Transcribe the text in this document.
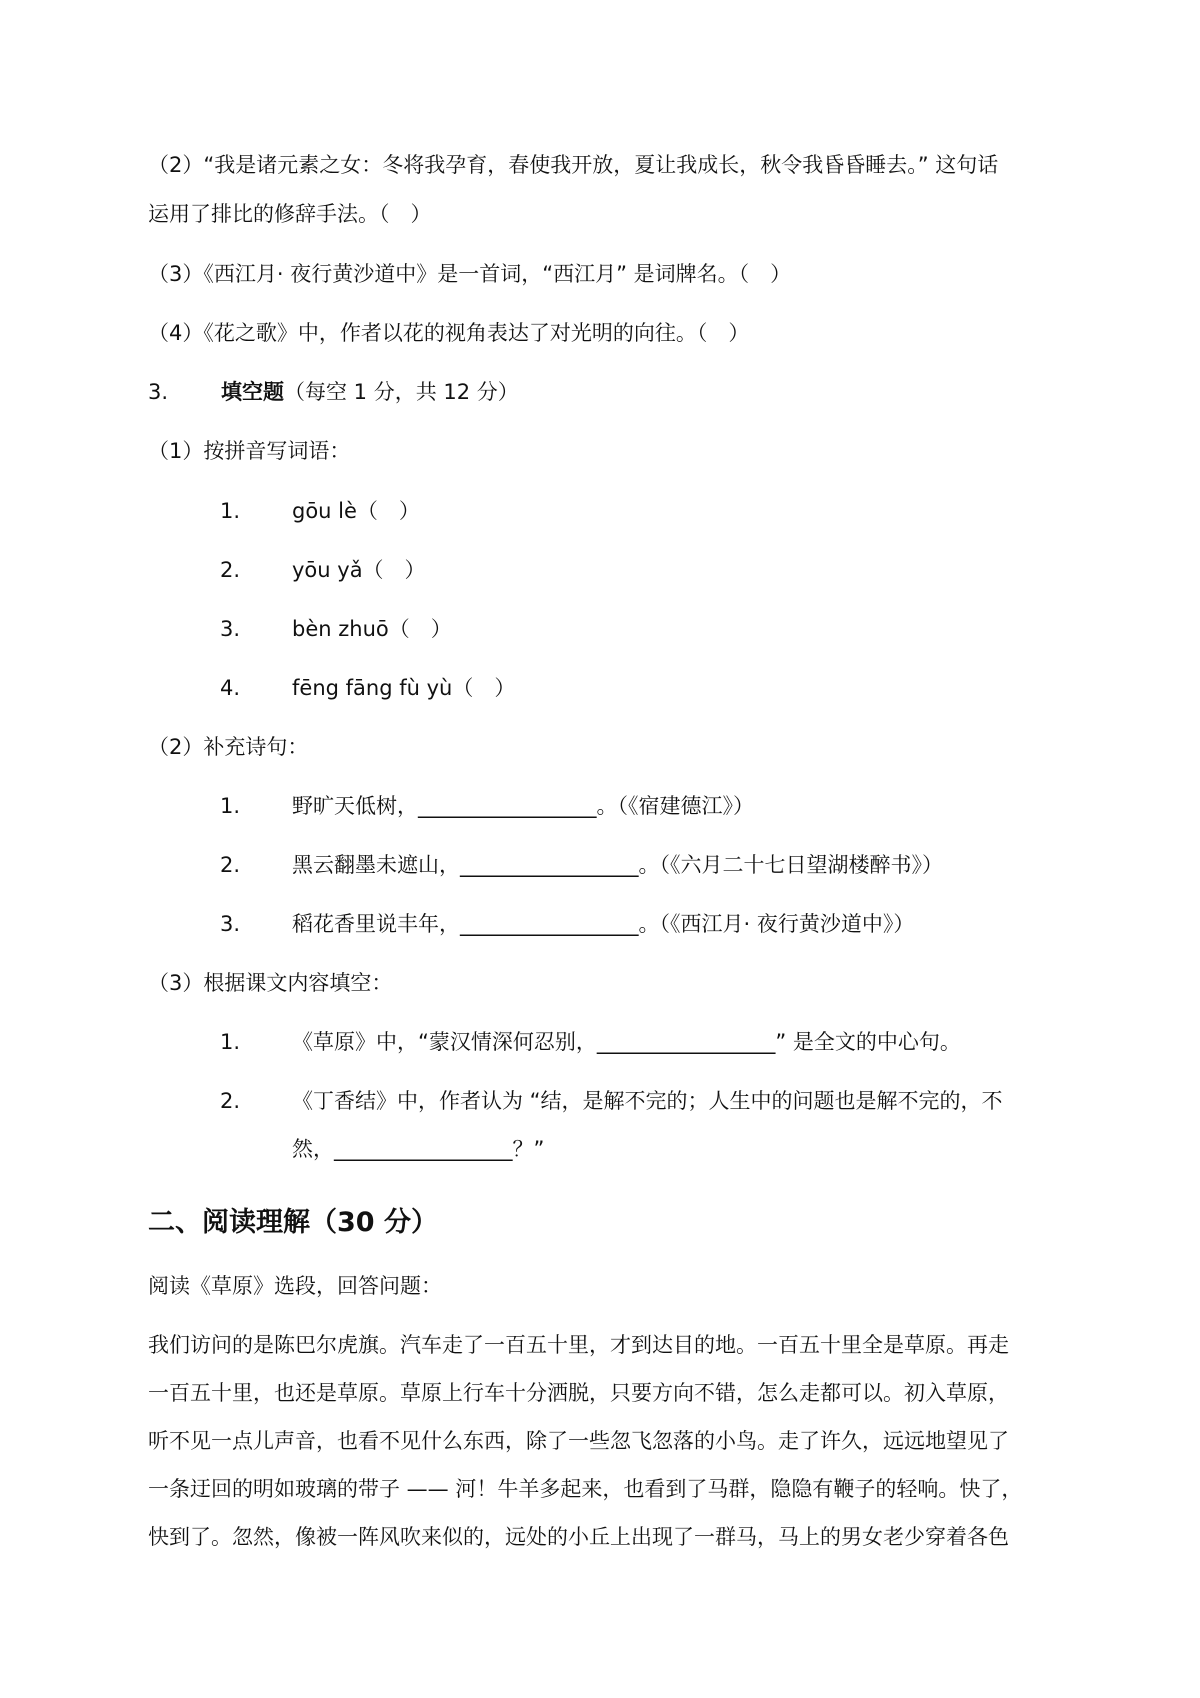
（2）“我是诸元素之女：冬将我孕育，春使我开放，夏让我成长，秋令我昏昏睡去。” 这句话
运用了排比的修辞手法。（　）
（3）《西江月· 夜行黄沙道中》是一首词，“西江月” 是词牌名。（　）
（4）《花之歌》中，作者以花的视角表达了对光明的向往。（　）
3.	填空题（每空 1 分，共 12 分）
（1）按拼音写词语：
1. gōu lè（　）
2. yōu yǎ（　）
3. bèn zhuō（　）
4. fēng fāng fù yù（　）
（2）补充诗句：
1. 野旷天低树，_________________。（《宿建德江》）
2. 黑云翻墨未遮山，_________________。（《六月二十七日望湖楼醉书》）
3. 稻花香里说丰年，_________________。（《西江月· 夜行黄沙道中》）
（3）根据课文内容填空：
1. 《草原》中，“蒙汉情深何忍别，_________________” 是全文的中心句。
2. 《丁香结》中，作者认为 “结，是解不完的；人生中的问题也是解不完的，不
然，_________________？”
二、阅读理解（30 分）
阅读《草原》选段，回答问题：
我们访问的是陈巴尔虎旗。汽车走了一百五十里，才到达目的地。一百五十里全是草原。再走
一百五十里，也还是草原。草原上行车十分洒脱，只要方向不错，怎么走都可以。初入草原，
听不见一点儿声音，也看不见什么东西，除了一些忽飞忽落的小鸟。走了许久，远远地望见了
一条迂回的明如玻璃的带子 —— 河！牛羊多起来，也看到了马群，隐隐有鞭子的轻响。快了，
快到了。忽然，像被一阵风吹来似的，远处的小丘上出现了一群马，马上的男女老少穿着各色
